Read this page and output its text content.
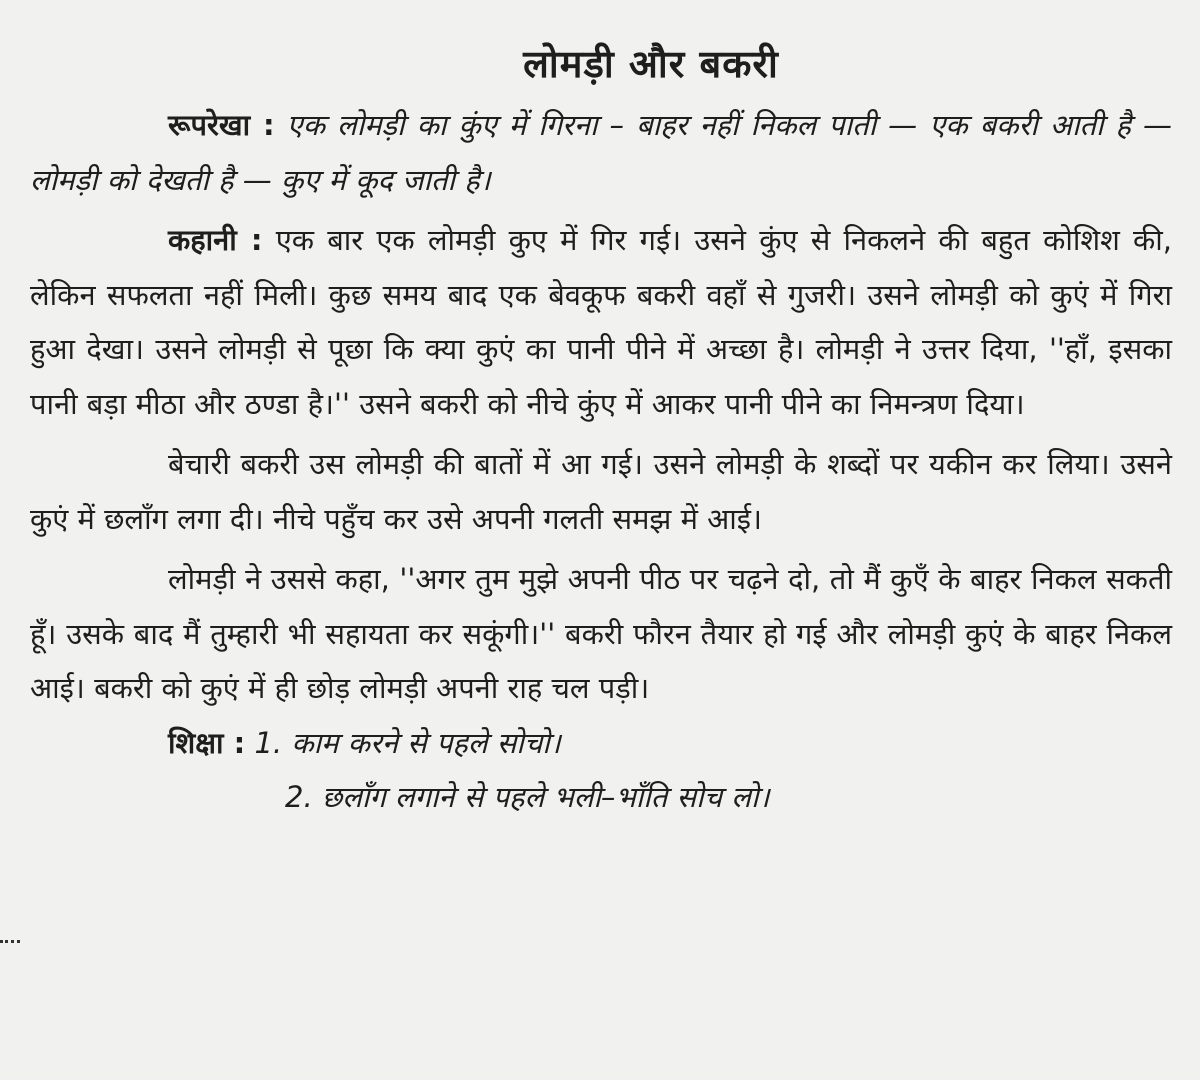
लोमड़ी और बकरी

रूपरेखा : एक लोमड़ी का कुंए में गिरना – बाहर नहीं निकल पाती — एक बकरी आती है — लोमड़ी को देखती है — कुए में कूद जाती है।

कहानी : एक बार एक लोमड़ी कुए में गिर गई। उसने कुंए से निकलने की बहुत कोशिश की, लेकिन सफलता नहीं मिली। कुछ समय बाद एक बेवकूफ बकरी वहाँ से गुजरी। उसने लोमड़ी को कुएं में गिरा हुआ देखा। उसने लोमड़ी से पूछा कि क्या कुएं का पानी पीने में अच्छा है। लोमड़ी ने उत्तर दिया, ''हाँ, इसका पानी बड़ा मीठा और ठण्डा है।'' उसने बकरी को नीचे कुंए में आकर पानी पीने का निमन्त्रण दिया।

बेचारी बकरी उस लोमड़ी की बातों में आ गई। उसने लोमड़ी के शब्दों पर यकीन कर लिया। उसने कुएं में छलाँग लगा दी। नीचे पहुँच कर उसे अपनी गलती समझ में आई।

लोमड़ी ने उससे कहा, ''अगर तुम मुझे अपनी पीठ पर चढ़ने दो, तो मैं कुएँ के बाहर निकल सकती हूँ। उसके बाद मैं तुम्हारी भी सहायता कर सकूंगी।'' बकरी फौरन तैयार हो गई और लोमड़ी कुएं के बाहर निकल आई। बकरी को कुएं में ही छोड़ लोमड़ी अपनी राह चल पड़ी।

शिक्षा : 1. काम करने से पहले सोचो।
2. छलाँग लगाने से पहले भली–भाँति सोच लो।
